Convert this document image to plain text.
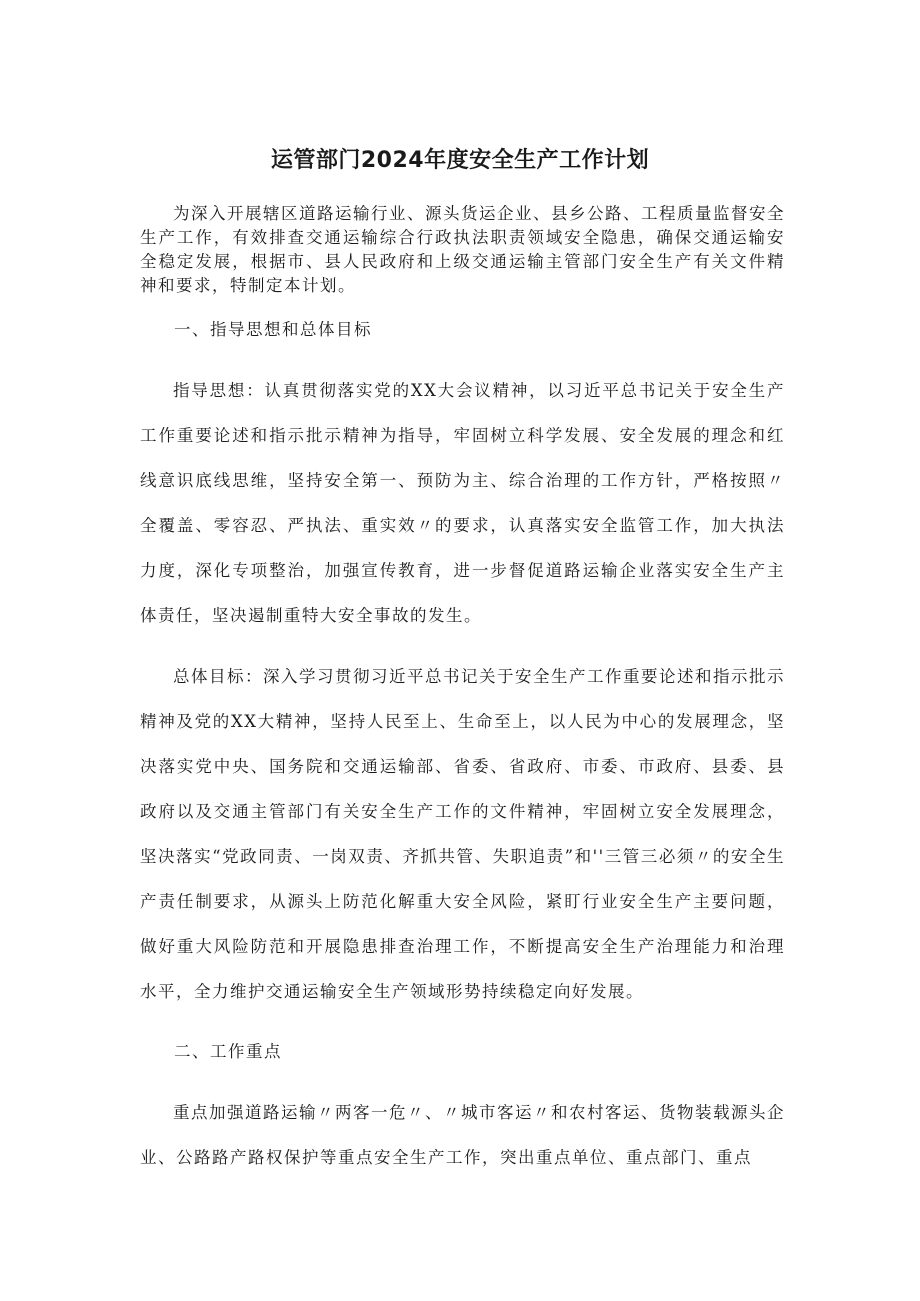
运管部门2024年度安全生产工作计划

为深入开展辖区道路运输行业、源头货运企业、县乡公路、工程质量监督安全生产工作，有效排查交通运输综合行政执法职责领域安全隐患，确保交通运输安全稳定发展，根据市、县人民政府和上级交通运输主管部门安全生产有关文件精神和要求，特制定本计划。

一、指导思想和总体目标

指导思想：认真贯彻落实党的XX大会议精神，以习近平总书记关于安全生产工作重要论述和指示批示精神为指导，牢固树立科学发展、安全发展的理念和红线意识底线思维，坚持安全第一、预防为主、综合治理的工作方针，严格按照〃全覆盖、零容忍、严执法、重实效〃的要求，认真落实安全监管工作，加大执法力度，深化专项整治，加强宣传教育，进一步督促道路运输企业落实安全生产主体责任，坚决遏制重特大安全事故的发生。

总体目标：深入学习贯彻习近平总书记关于安全生产工作重要论述和指示批示精神及党的XX大精神，坚持人民至上、生命至上，以人民为中心的发展理念，坚决落实党中央、国务院和交通运输部、省委、省政府、市委、市政府、县委、县政府以及交通主管部门有关安全生产工作的文件精神，牢固树立安全发展理念，坚决落实“党政同责、一岗双责、齐抓共管、失职追责”和''三管三必须〃的安全生产责任制要求，从源头上防范化解重大安全风险，紧盯行业安全生产主要问题，做好重大风险防范和开展隐患排查治理工作，不断提高安全生产治理能力和治理水平，全力维护交通运输安全生产领域形势持续稳定向好发展。

二、工作重点

重点加强道路运输〃两客一危〃、〃城市客运〃和农村客运、货物装载源头企业、公路路产路权保护等重点安全生产工作，突出重点单位、重点部门、重点
